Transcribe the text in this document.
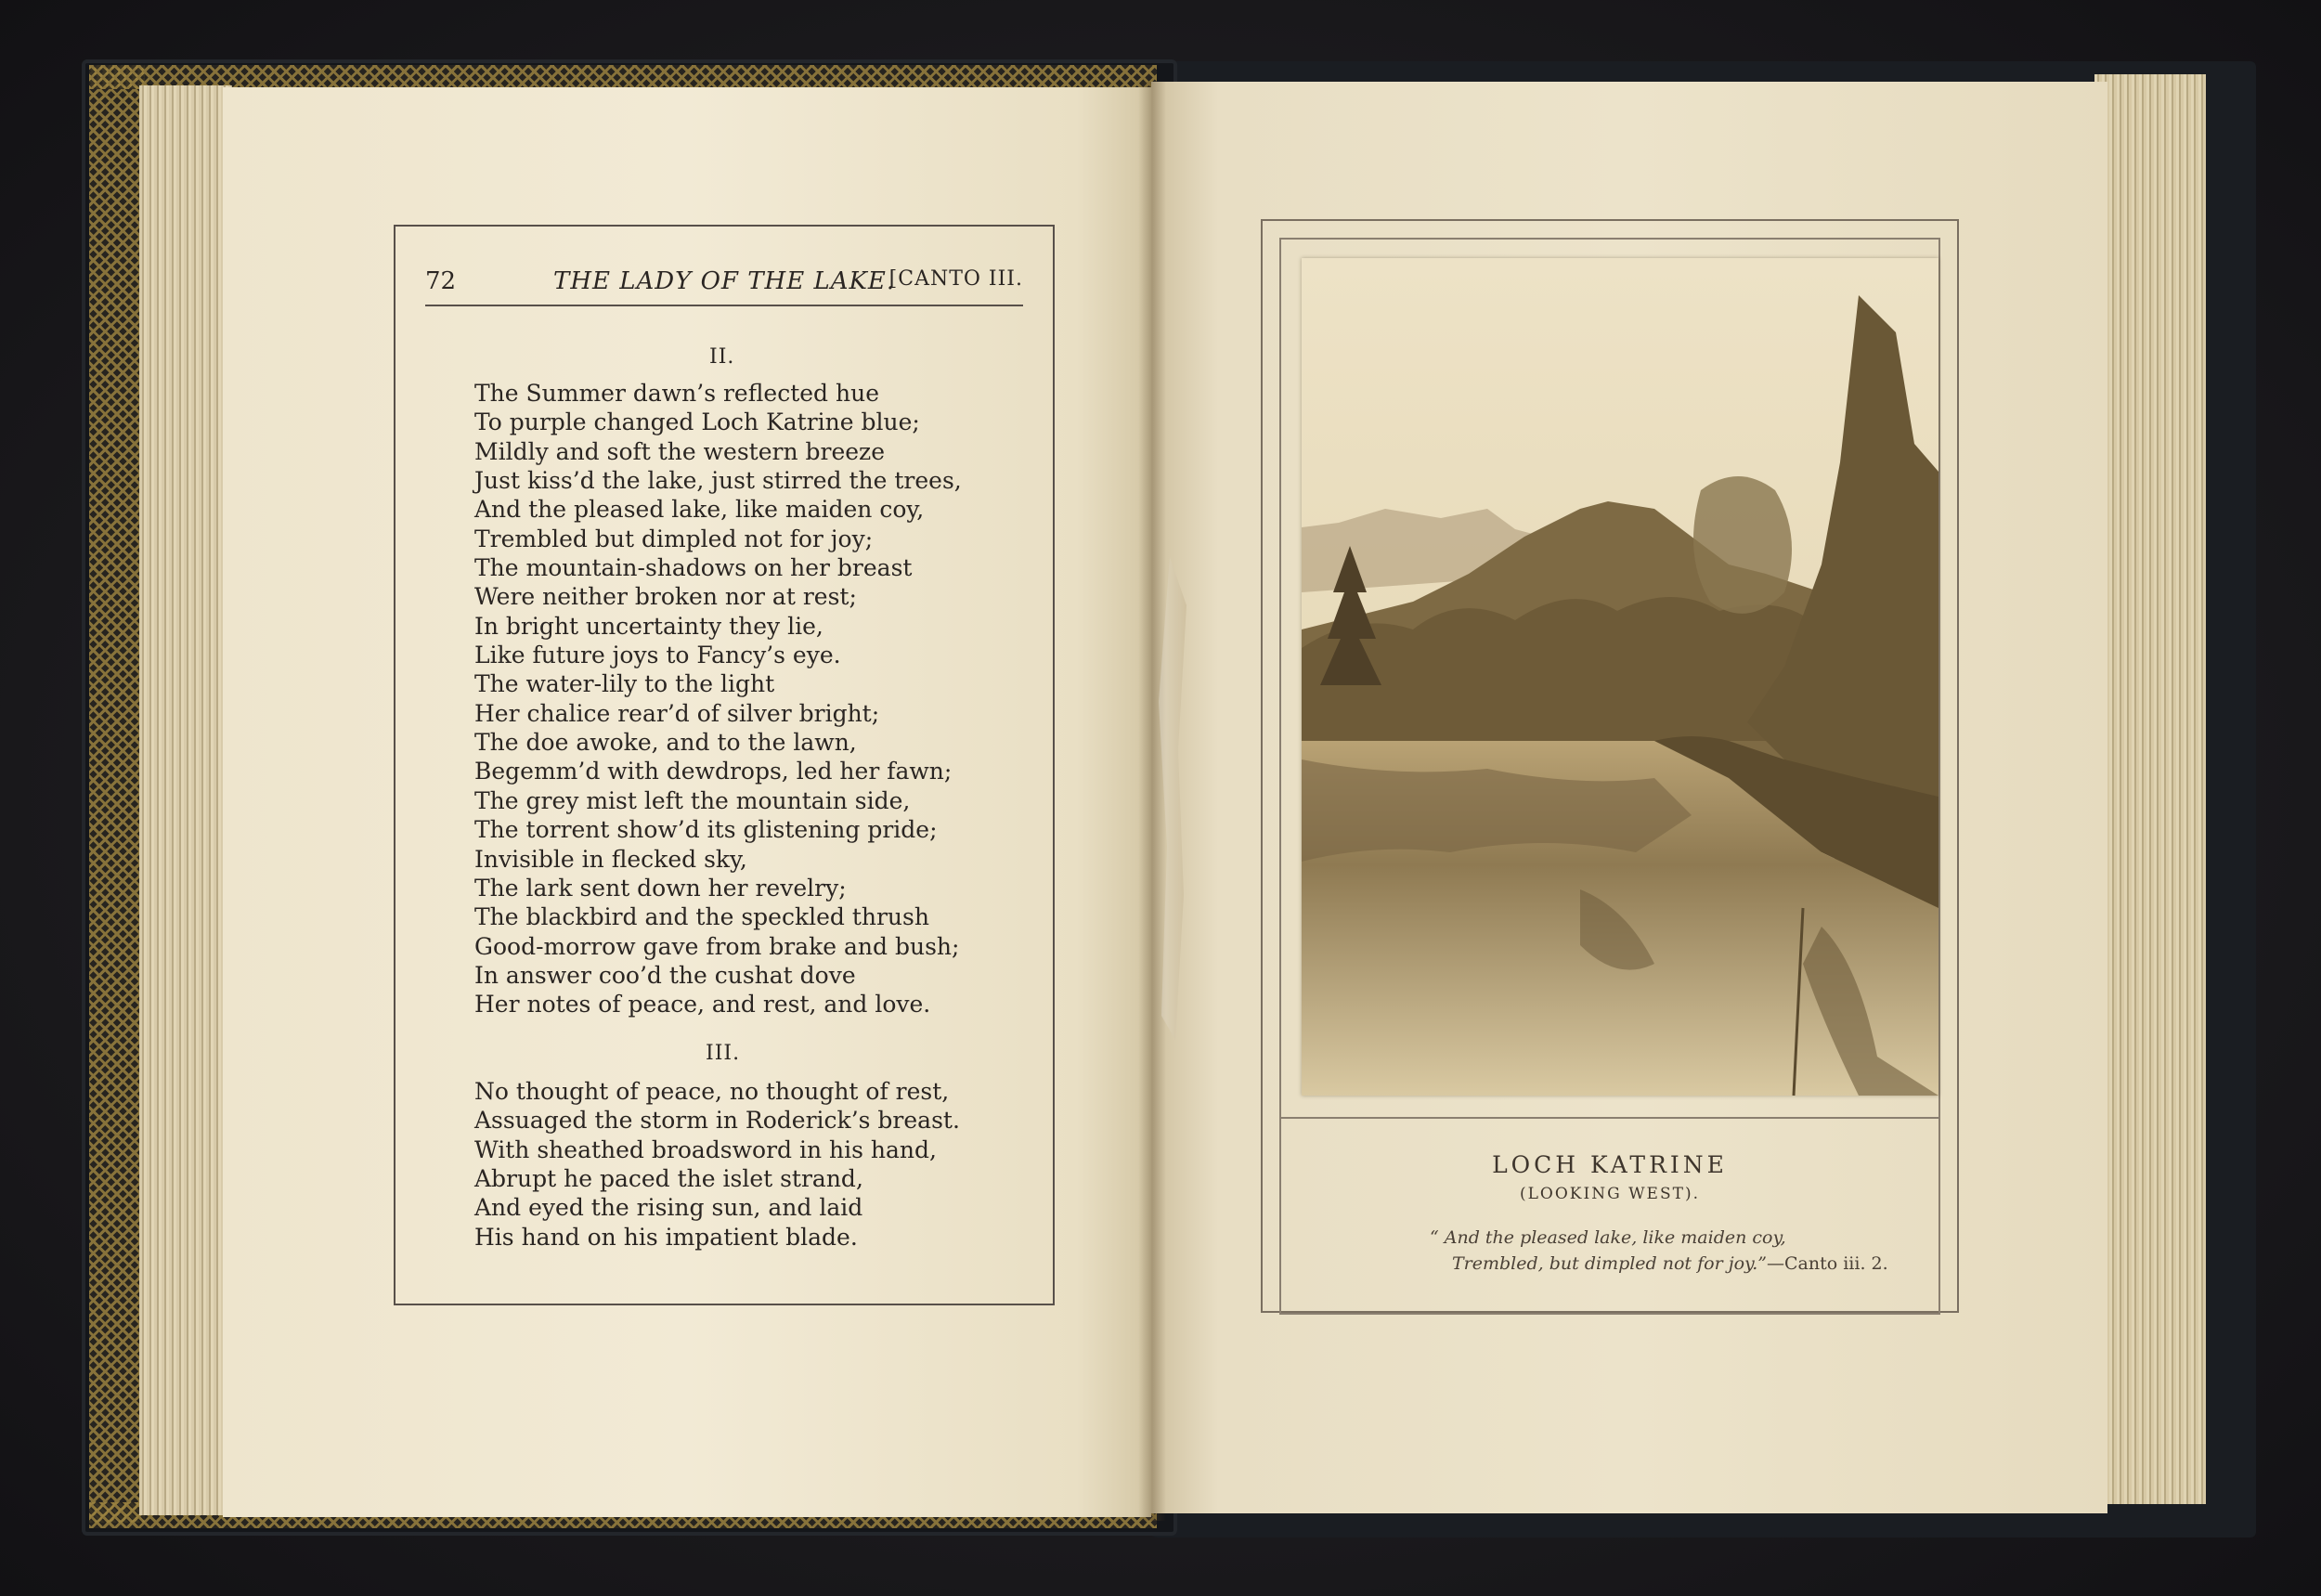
72	THE LADY OF THE LAKE.
[CANTO III.
II.
The Summer dawn’s reflected hue
To purple changed Loch Katrine blue;
Mildly and soft the western breeze
Just kiss’d the lake, just stirred the trees,
And the pleased lake, like maiden coy,
Trembled but dimpled not for joy;
The mountain-shadows on her breast
Were neither broken nor at rest;
In bright uncertainty they lie,
Like future joys to Fancy’s eye.
The water-lily to the light
Her chalice rear’d of silver bright;
The doe awoke, and to the lawn,
Begemm’d with dewdrops, led her fawn;
The grey mist left the mountain side,
The torrent show’d its glistening pride;
Invisible in flecked sky,
The lark sent down her revelry;
The blackbird and the speckled thrush
Good-morrow gave from brake and bush;
In answer coo’d the cushat dove
Her notes of peace, and rest, and love.
III.
No thought of peace, no thought of rest,
Assuaged the storm in Roderick’s breast.
With sheathed broadsword in his hand,
Abrupt he paced the islet strand,
And eyed the rising sun, and laid
His hand on his impatient blade.
LOCH KATRINE
(LOOKING WEST).
“ And the pleased lake, like maiden coy,
Trembled, but dimpled not for joy.”—Canto iii. 2.
